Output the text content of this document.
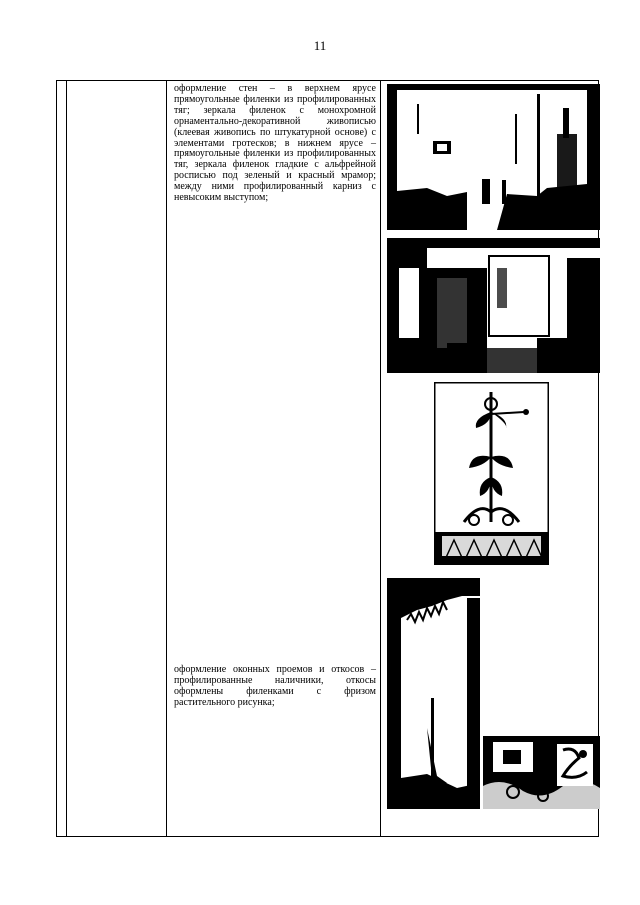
11
оформление стен – в верхнем ярусе прямоугольные филенки из профилированных тяг; зеркала филенок с монохромной орнаментально-декоративной живописью (клеевая живопись по штукатурной основе) с элементами гротесков; в нижнем ярусе – прямоугольные филенки из профилированных тяг, зеркала филенок гладкие с альфрейной росписью под зеленый и красный мрамор; между ними профилированный карниз с невысоким выступом;
оформление оконных проемов и откосов – профилированные наличники, откосы оформлены филенками с фризом растительного рисунка;
